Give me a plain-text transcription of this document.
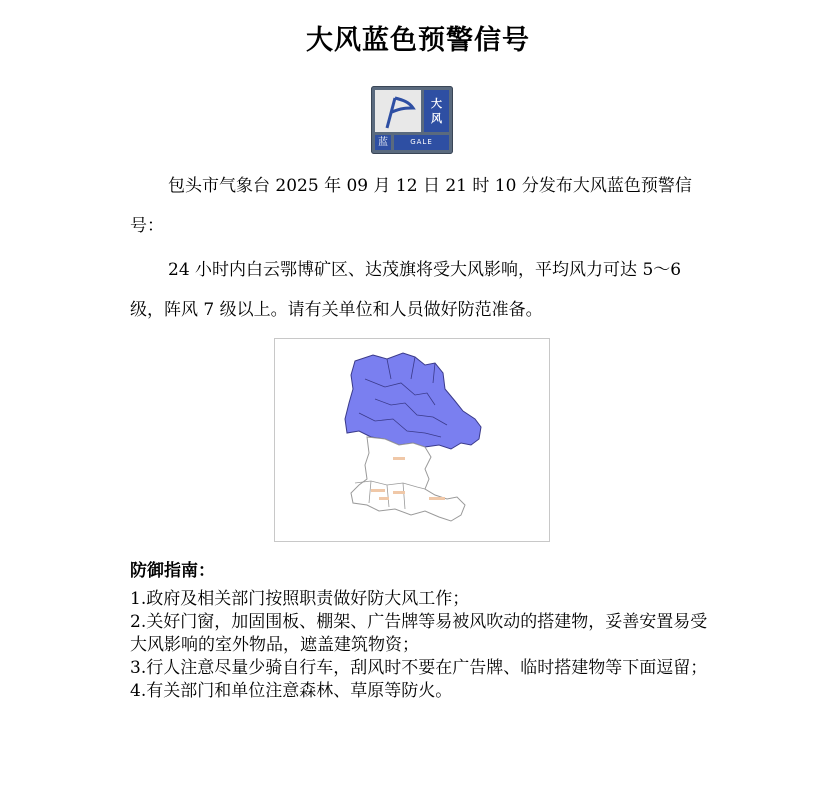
大风蓝色预警信号
大
风
蓝	GALE

包头市气象台 2025 年 09 月 12 日 21 时 10 分发布大风蓝色预警信号：

24 小时内白云鄂博矿区、达茂旗将受大风影响，平均风力可达 5～6 级，阵风 7 级以上。请有关单位和人员做好防范准备。

防御指南：
1.政府及相关部门按照职责做好防大风工作；
2.关好门窗，加固围板、棚架、广告牌等易被风吹动的搭建物，妥善安置易受大风影响的室外物品，遮盖建筑物资；
3.行人注意尽量少骑自行车，刮风时不要在广告牌、临时搭建物等下面逗留；
4.有关部门和单位注意森林、草原等防火。
